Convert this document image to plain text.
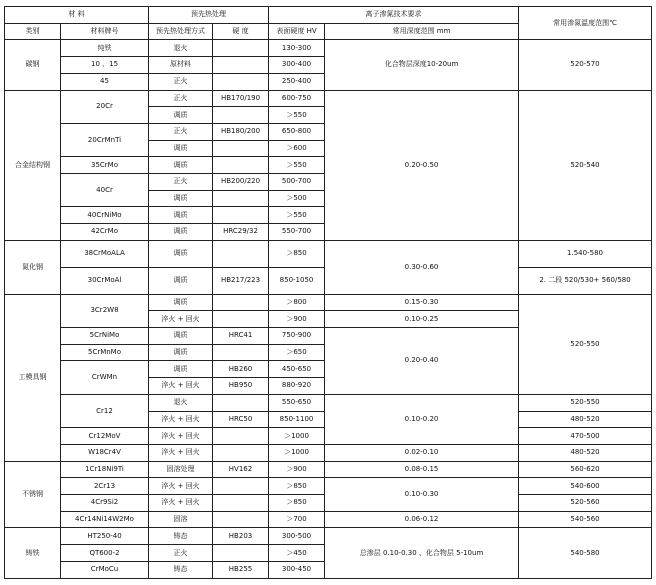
材 料		预先热处理		离子渗氮技术要求		常用渗氮温度范围℃
类别	材料牌号	预先热处理方式	硬 度	表面硬度 HV	常用深度范围 mm	
碳钢	纯铁	退火		130-300	化合物层深度10-20um	520-570
	10 、15	原材料		300-400		
	45	正火		250-400		
合金结构钢	20Cr	正火	HB170/190	600-750	0.20-0.50	520-540
		调质		＞550		
	20CrMnTi	正火	HB180/200	650-800		
		调质		＞600		
	35CrMo	调质		＞550		
	40Cr	正火	HB200/220	500-700		
		调质		＞500		
	40CrNiMo	调质		＞550		
	42CrMo	调质	HRC29/32	550-700		
氮化钢	38CrMoALA	调质		＞850	0.30-0.60	1.540-580
	30CrMoAl	调质	HB217/223	850-1050		2. 二段 520/530+ 560/580
工模具钢	3Cr2W8	调质		＞800	0.15-0.30	520-550
		淬火 + 回火		＞900	0.10-0.25	
	5CrNiMo	调质	HRC41	750-900	0.20-0.40	
	5CrMnMo	调质		＞650		
	CrWMn	调质	HB260	450-650		
		淬火 + 回火	HB950	880-920		
	Cr12	退火		550-650	0.10-0.20	520-550
		淬火 + 回火	HRC50	850-1100		480-520
	Cr12MoV	淬火 + 回火		＞1000		470-500
	W18Cr4V	淬火 + 回火		＞1000	0.02-0.10	480-520
不锈钢	1Cr18Ni9Ti	固溶处理	HV162	＞900	0.08-0.15	560-620
	2Cr13	淬火 + 回火		＞850	0.10-0.30	540-600
	4Cr9Si2	淬火 + 回火		＞850		520-560
	4Cr14Ni14W2Mo	固溶		＞700	0.06-0.12	540-560
铸铁	HT250-40	铸态	HB203	300-500	总渗层 0.10-0.30 、化合物层 5-10um	540-580
	QT600-2	正火		＞450		
	CrMoCu	铸态	HB255	300-450		
